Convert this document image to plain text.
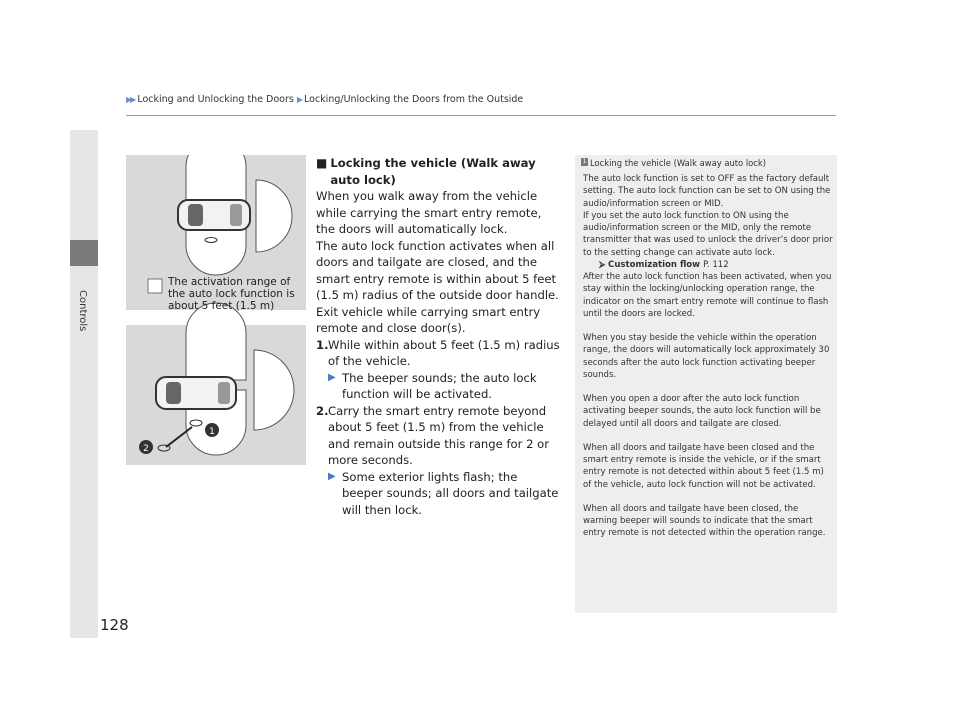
▶▶ Locking and Unlocking the Doors ▶ Locking/Unlocking the Doors from the Outside
Controls
128
1
2
The activation range of the auto lock function is about 5 feet (1.5 m)
■ Locking the vehicle (Walk away auto lock)

When you walk away from the vehicle while carrying the smart entry remote, the doors will automatically lock.

The auto lock function activates when all doors and tailgate are closed, and the smart entry remote is within about 5 feet (1.5 m) radius of the outside door handle.

Exit vehicle while carrying smart entry remote and close door(s).

1. While within about 5 feet (1.5 m) radius of the vehicle.
▶ The beeper sounds; the auto lock function will be activated.
2. Carry the smart entry remote beyond about 5 feet (1.5 m) from the vehicle and remain outside this range for 2 or more seconds.
▶ Some exterior lights flash; the beeper sounds; all doors and tailgate will then lock.
1 Locking the vehicle (Walk away auto lock)

The auto lock function is set to OFF as the factory default setting. The auto lock function can be set to ON using the audio/information screen or MID.

If you set the auto lock function to ON using the audio/information screen or the MID, only the remote transmitter that was used to unlock the driver’s door prior to the setting change can activate auto lock.

⮚ Customization flow P. 112

After the auto lock function has been activated, when you stay within the locking/unlocking operation range, the indicator on the smart entry remote will continue to flash until the doors are locked.

When you stay beside the vehicle within the operation range, the doors will automatically lock approximately 30 seconds after the auto lock function activating beeper sounds.

When you open a door after the auto lock function activating beeper sounds, the auto lock function will be delayed until all doors and tailgate are closed.

When all doors and tailgate have been closed and the smart entry remote is inside the vehicle, or if the smart entry remote is not detected within about 5 feet (1.5 m) of the vehicle, auto lock function will not be activated.

When all doors and tailgate have been closed, the warning beeper will sounds to indicate that the smart entry remote is not detected within the operation range.
